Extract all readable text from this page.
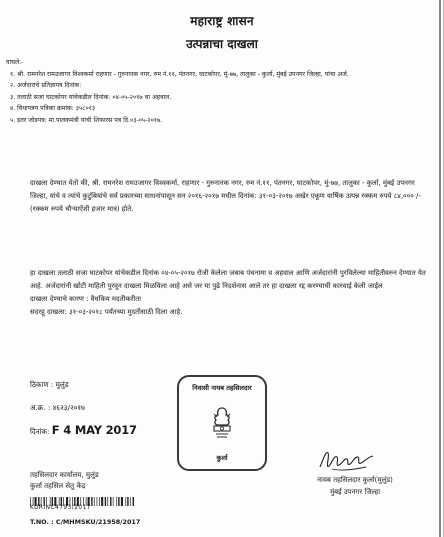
महाराष्ट्र शासन
उत्पन्नाचा दाखला
वाचले:-
१. श्री. रामनरेश रामउजागर विश्वकर्मा राहणार - गुरुनानक नगर, रुम नं.११, पंतनगर, घाटकोपर, मुं-७७, तालुका - कुर्ला, मुंबई उपनगर जिल्हा, यांचा अर्ज.
२. अर्जदाराचे प्रतिज्ञापत्र दिनांक:
३. तलाठी सजा घाटकोपर यांचेकडील दिनांक: ०४-०५-२०१७ चा अहवाल.
४. विधापत्रय पत्रिका क्रमांक: ३५८०१३
५. इतर जोडपत्र: मा.पालकमंत्री यांची शिफारस पत्र दि.०३-०५-२०१७.
दाखला देण्यात येतो की, श्री. रामनरेश रामउजागर विश्वकर्मा, राहणार - गुरुनानक नगर, रुम नं.११, पंतनगर, घाटकोपर, मुं-७७, तालुका - कुर्ला, मुंबई उपनगर जिल्हा, यांचे व त्यांचे कुटुंबियांचे सर्व प्रकारच्या साधनांपासून सन २०१६-२०१७ मधील दिनांक: ३१-०३-२०१७ अखेर एकूण वार्षिक उत्पन्न रक्कम रुपये ८४,००० /- (रक्कम रुपये चौऱ्याऐंशी हजार मात्र) होते.
हा दाखला तलाठी सजा घाटकोपर यांचेकडील दिनांक ०४-०५-२०१७ रोजी केलेला जबाब पंचनामा व अहवाल आणि अर्जदारांनी पुरविलेल्या माहितीवरुन देण्यात येत आहे. अर्जदारांनी खोटी माहिती पुरवून दाखला मिळविला आहे असे जर या पुढे निदर्शनास आले तर हा दाखला रद्द करण्याची कारवाई केली जाईल
दाखला देण्याचे कारण : वैधकिय मदतीकरीता
सदरहू दाखला: ३१-०३-२०१८ पर्यंतच्या मुदतीसाठी दिला आहे.
ठिकाण : मुलुंड
अ.क्र. : ४६२३/२०१७
दिनांक: F 4 MAY 2017
निवासी नायब तहसिलदार
कुर्ला
नायब तहसिलदार कुर्ला(मुलुंड)
मुंबई उपनगर जिल्हा
तहसिलदार कार्यालय, मुलुंड
कुर्ला तहसिल सेतु केंद्र
KURINC4793/2017
T.NO. : C/MHMSKU/21958/2017
